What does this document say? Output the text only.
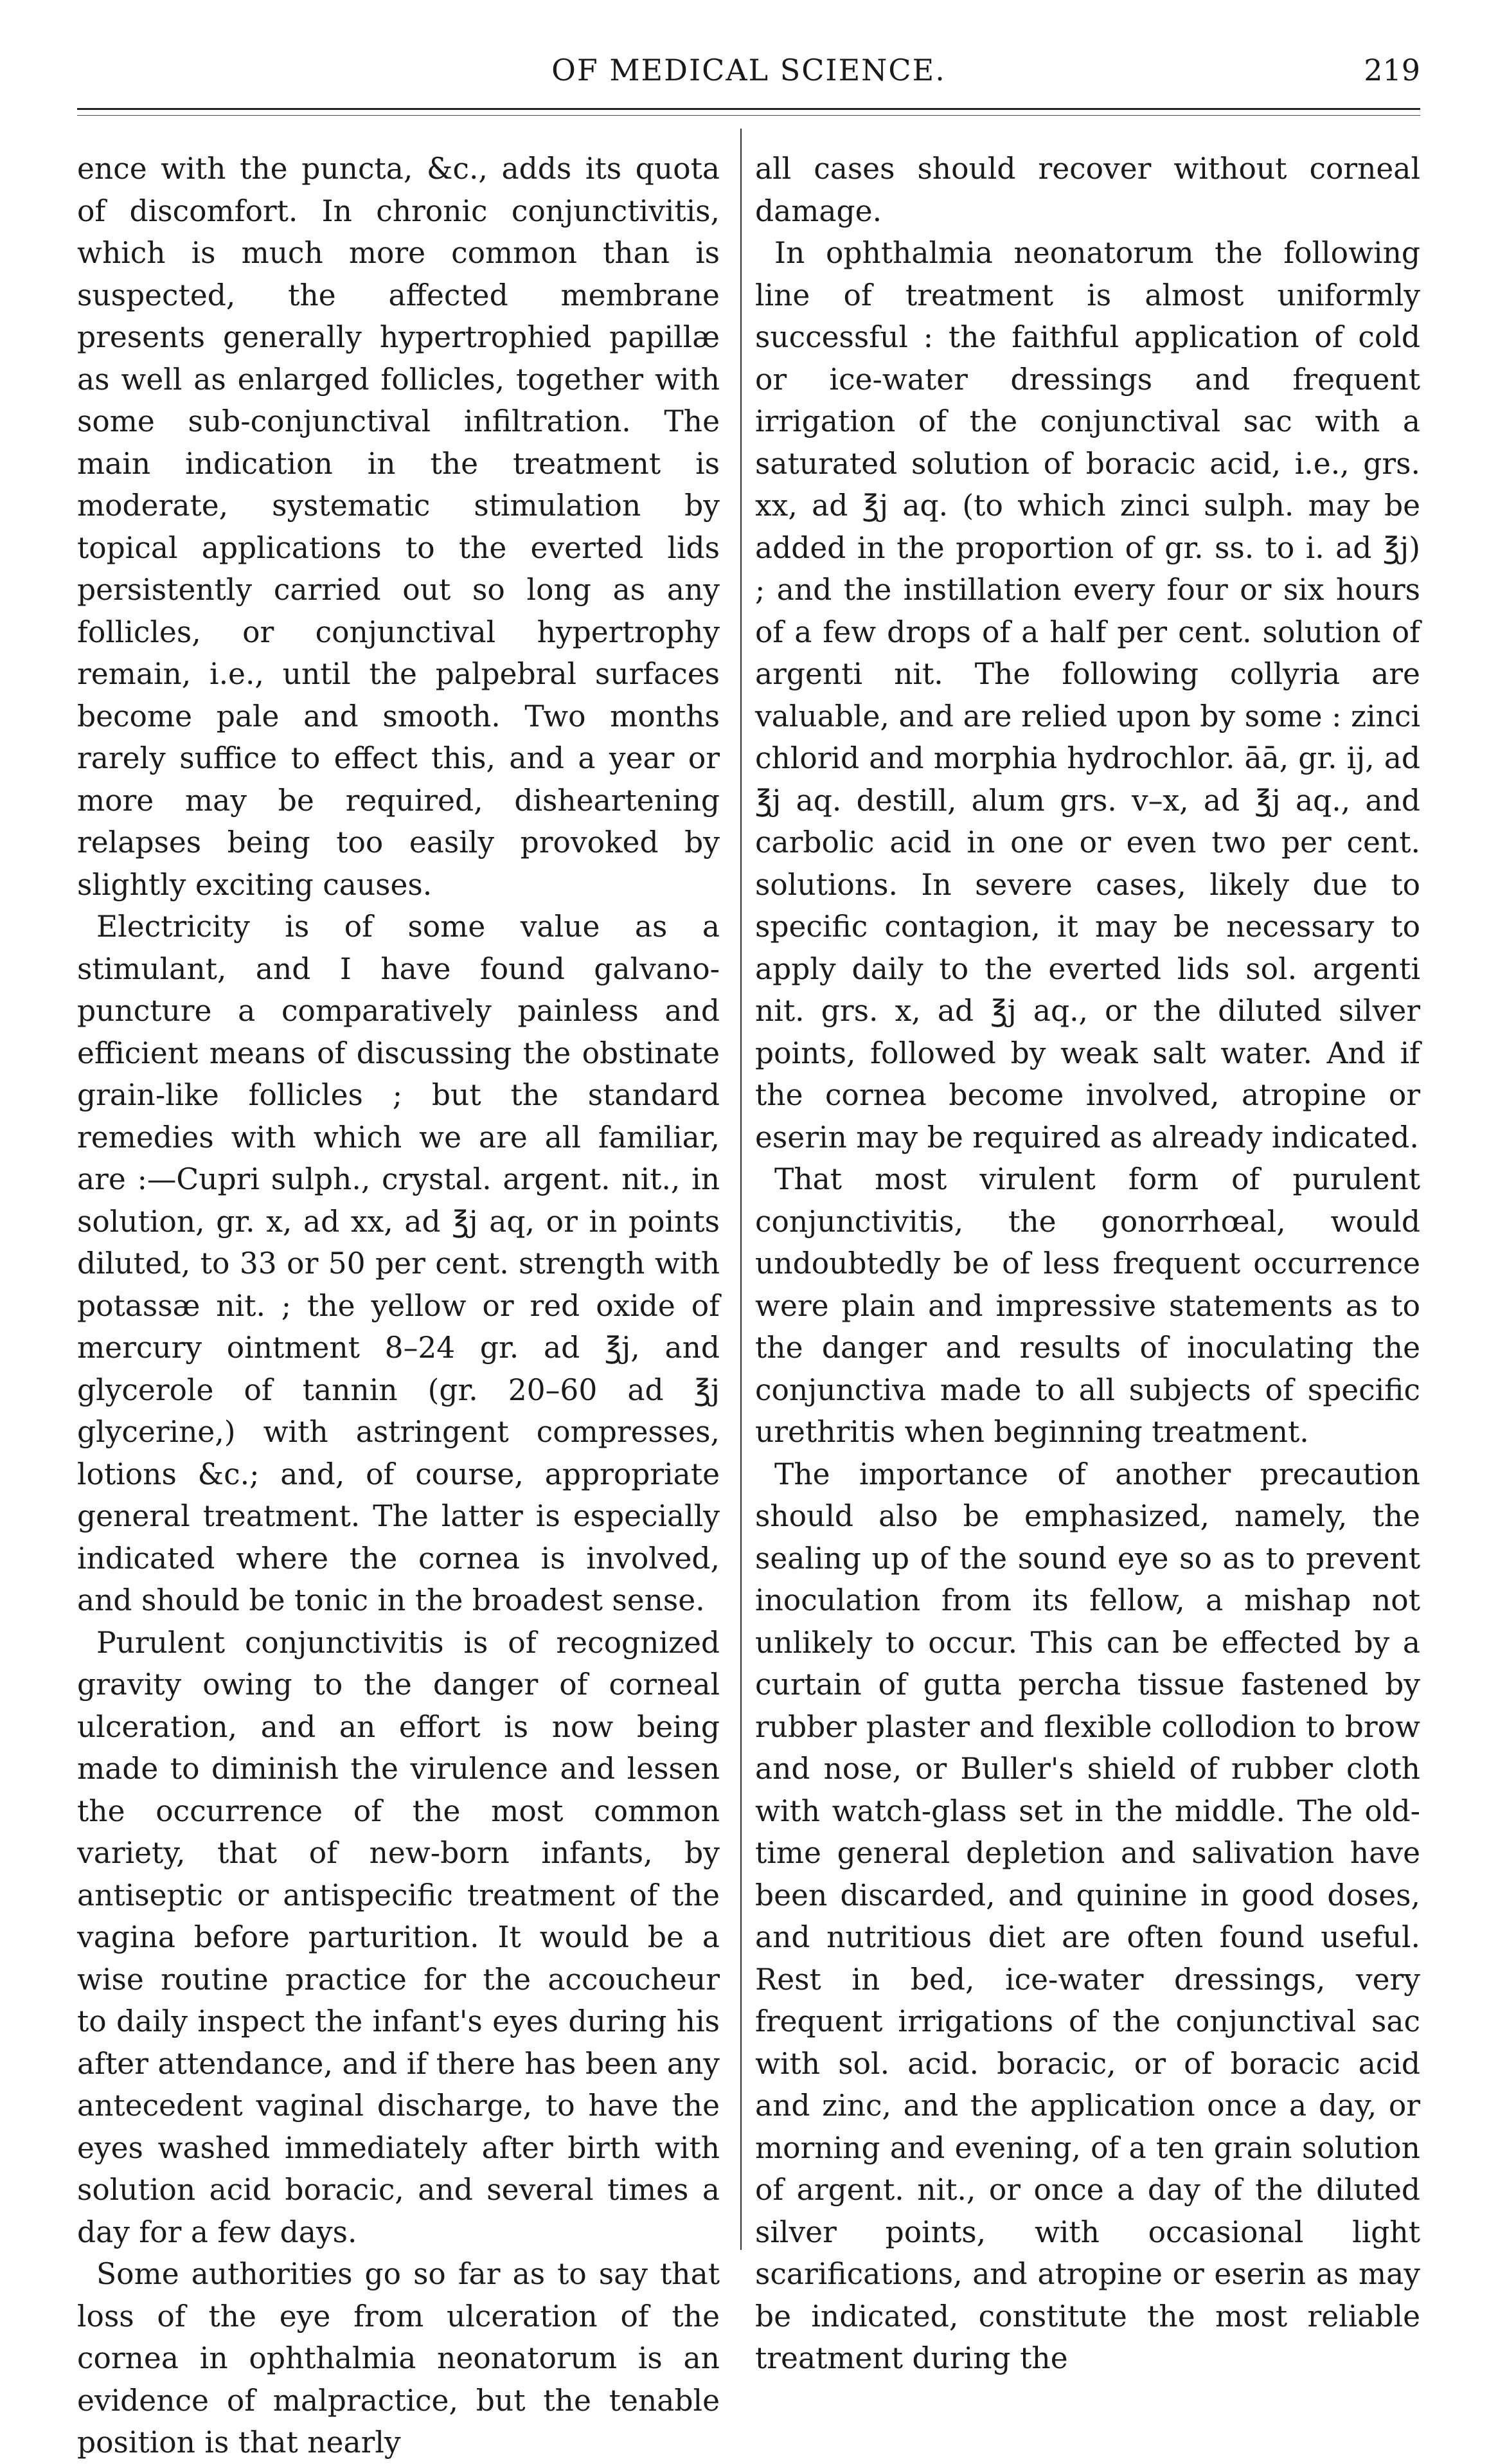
OF MEDICAL SCIENCE.	219

ence with the puncta, &c., adds its quota of discomfort. In chronic conjunctivitis, which is much more common than is suspected, the affected membrane presents generally hypertrophied papillæ as well as enlarged follicles, together with some sub-conjunctival infiltration. The main indication in the treatment is moderate, systematic stimulation by topical applications to the everted lids persistently carried out so long as any follicles, or conjunctival hypertrophy remain, i.e., until the palpebral surfaces become pale and smooth. Two months rarely suffice to effect this, and a year or more may be required, disheartening relapses being too easily provoked by slightly exciting causes.

Electricity is of some value as a stimulant, and I have found galvano-puncture a comparatively painless and efficient means of discussing the obstinate grain-like follicles ; but the standard remedies with which we are all familiar, are :—Cupri sulph., crystal. argent. nit., in solution, gr. x, ad xx, ad ℥j aq, or in points diluted, to 33 or 50 per cent. strength with potassæ nit. ; the yellow or red oxide of mercury ointment 8–24 gr. ad ℥j, and glycerole of tannin (gr. 20–60 ad ℥j glycerine,) with astringent compresses, lotions &c.; and, of course, appropriate general treatment. The latter is especially indicated where the cornea is involved, and should be tonic in the broadest sense.

Purulent conjunctivitis is of recognized gravity owing to the danger of corneal ulceration, and an effort is now being made to diminish the virulence and lessen the occurrence of the most common variety, that of new-born infants, by antiseptic or antispecific treatment of the vagina before parturition. It would be a wise routine practice for the accoucheur to daily inspect the infant's eyes during his after attendance, and if there has been any antecedent vaginal discharge, to have the eyes washed immediately after birth with solution acid boracic, and several times a day for a few days.

Some authorities go so far as to say that loss of the eye from ulceration of the cornea in ophthalmia neonatorum is an evidence of malpractice, but the tenable position is that nearly

all cases should recover without corneal damage.

In ophthalmia neonatorum the following line of treatment is almost uniformly successful : the faithful application of cold or ice-water dressings and frequent irrigation of the conjunctival sac with a saturated solution of boracic acid, i.e., grs. xx, ad ℥j aq. (to which zinci sulph. may be added in the proportion of gr. ss. to i. ad ℥j) ; and the instillation every four or six hours of a few drops of a half per cent. solution of argenti nit. The following collyria are valuable, and are relied upon by some : zinci chlorid and morphia hydrochlor. āā, gr. ij, ad ℥j aq. destill, alum grs. v–x, ad ℥j aq., and carbolic acid in one or even two per cent. solutions. In severe cases, likely due to specific contagion, it may be necessary to apply daily to the everted lids sol. argenti nit. grs. x, ad ℥j aq., or the diluted silver points, followed by weak salt water. And if the cornea become involved, atropine or eserin may be required as already indicated.

That most virulent form of purulent conjunctivitis, the gonorrhœal, would undoubtedly be of less frequent occurrence were plain and impressive statements as to the danger and results of inoculating the conjunctiva made to all subjects of specific urethritis when beginning treatment.

The importance of another precaution should also be emphasized, namely, the sealing up of the sound eye so as to prevent inoculation from its fellow, a mishap not unlikely to occur. This can be effected by a curtain of gutta percha tissue fastened by rubber plaster and flexible collodion to brow and nose, or Buller's shield of rubber cloth with watch-glass set in the middle. The old-time general depletion and salivation have been discarded, and quinine in good doses, and nutritious diet are often found useful. Rest in bed, ice-water dressings, very frequent irrigations of the conjunctival sac with sol. acid. boracic, or of boracic acid and zinc, and the application once a day, or morning and evening, of a ten grain solution of argent. nit., or once a day of the diluted silver points, with occasional light scarifications, and atropine or eserin as may be indicated, constitute the most reliable treatment during the
